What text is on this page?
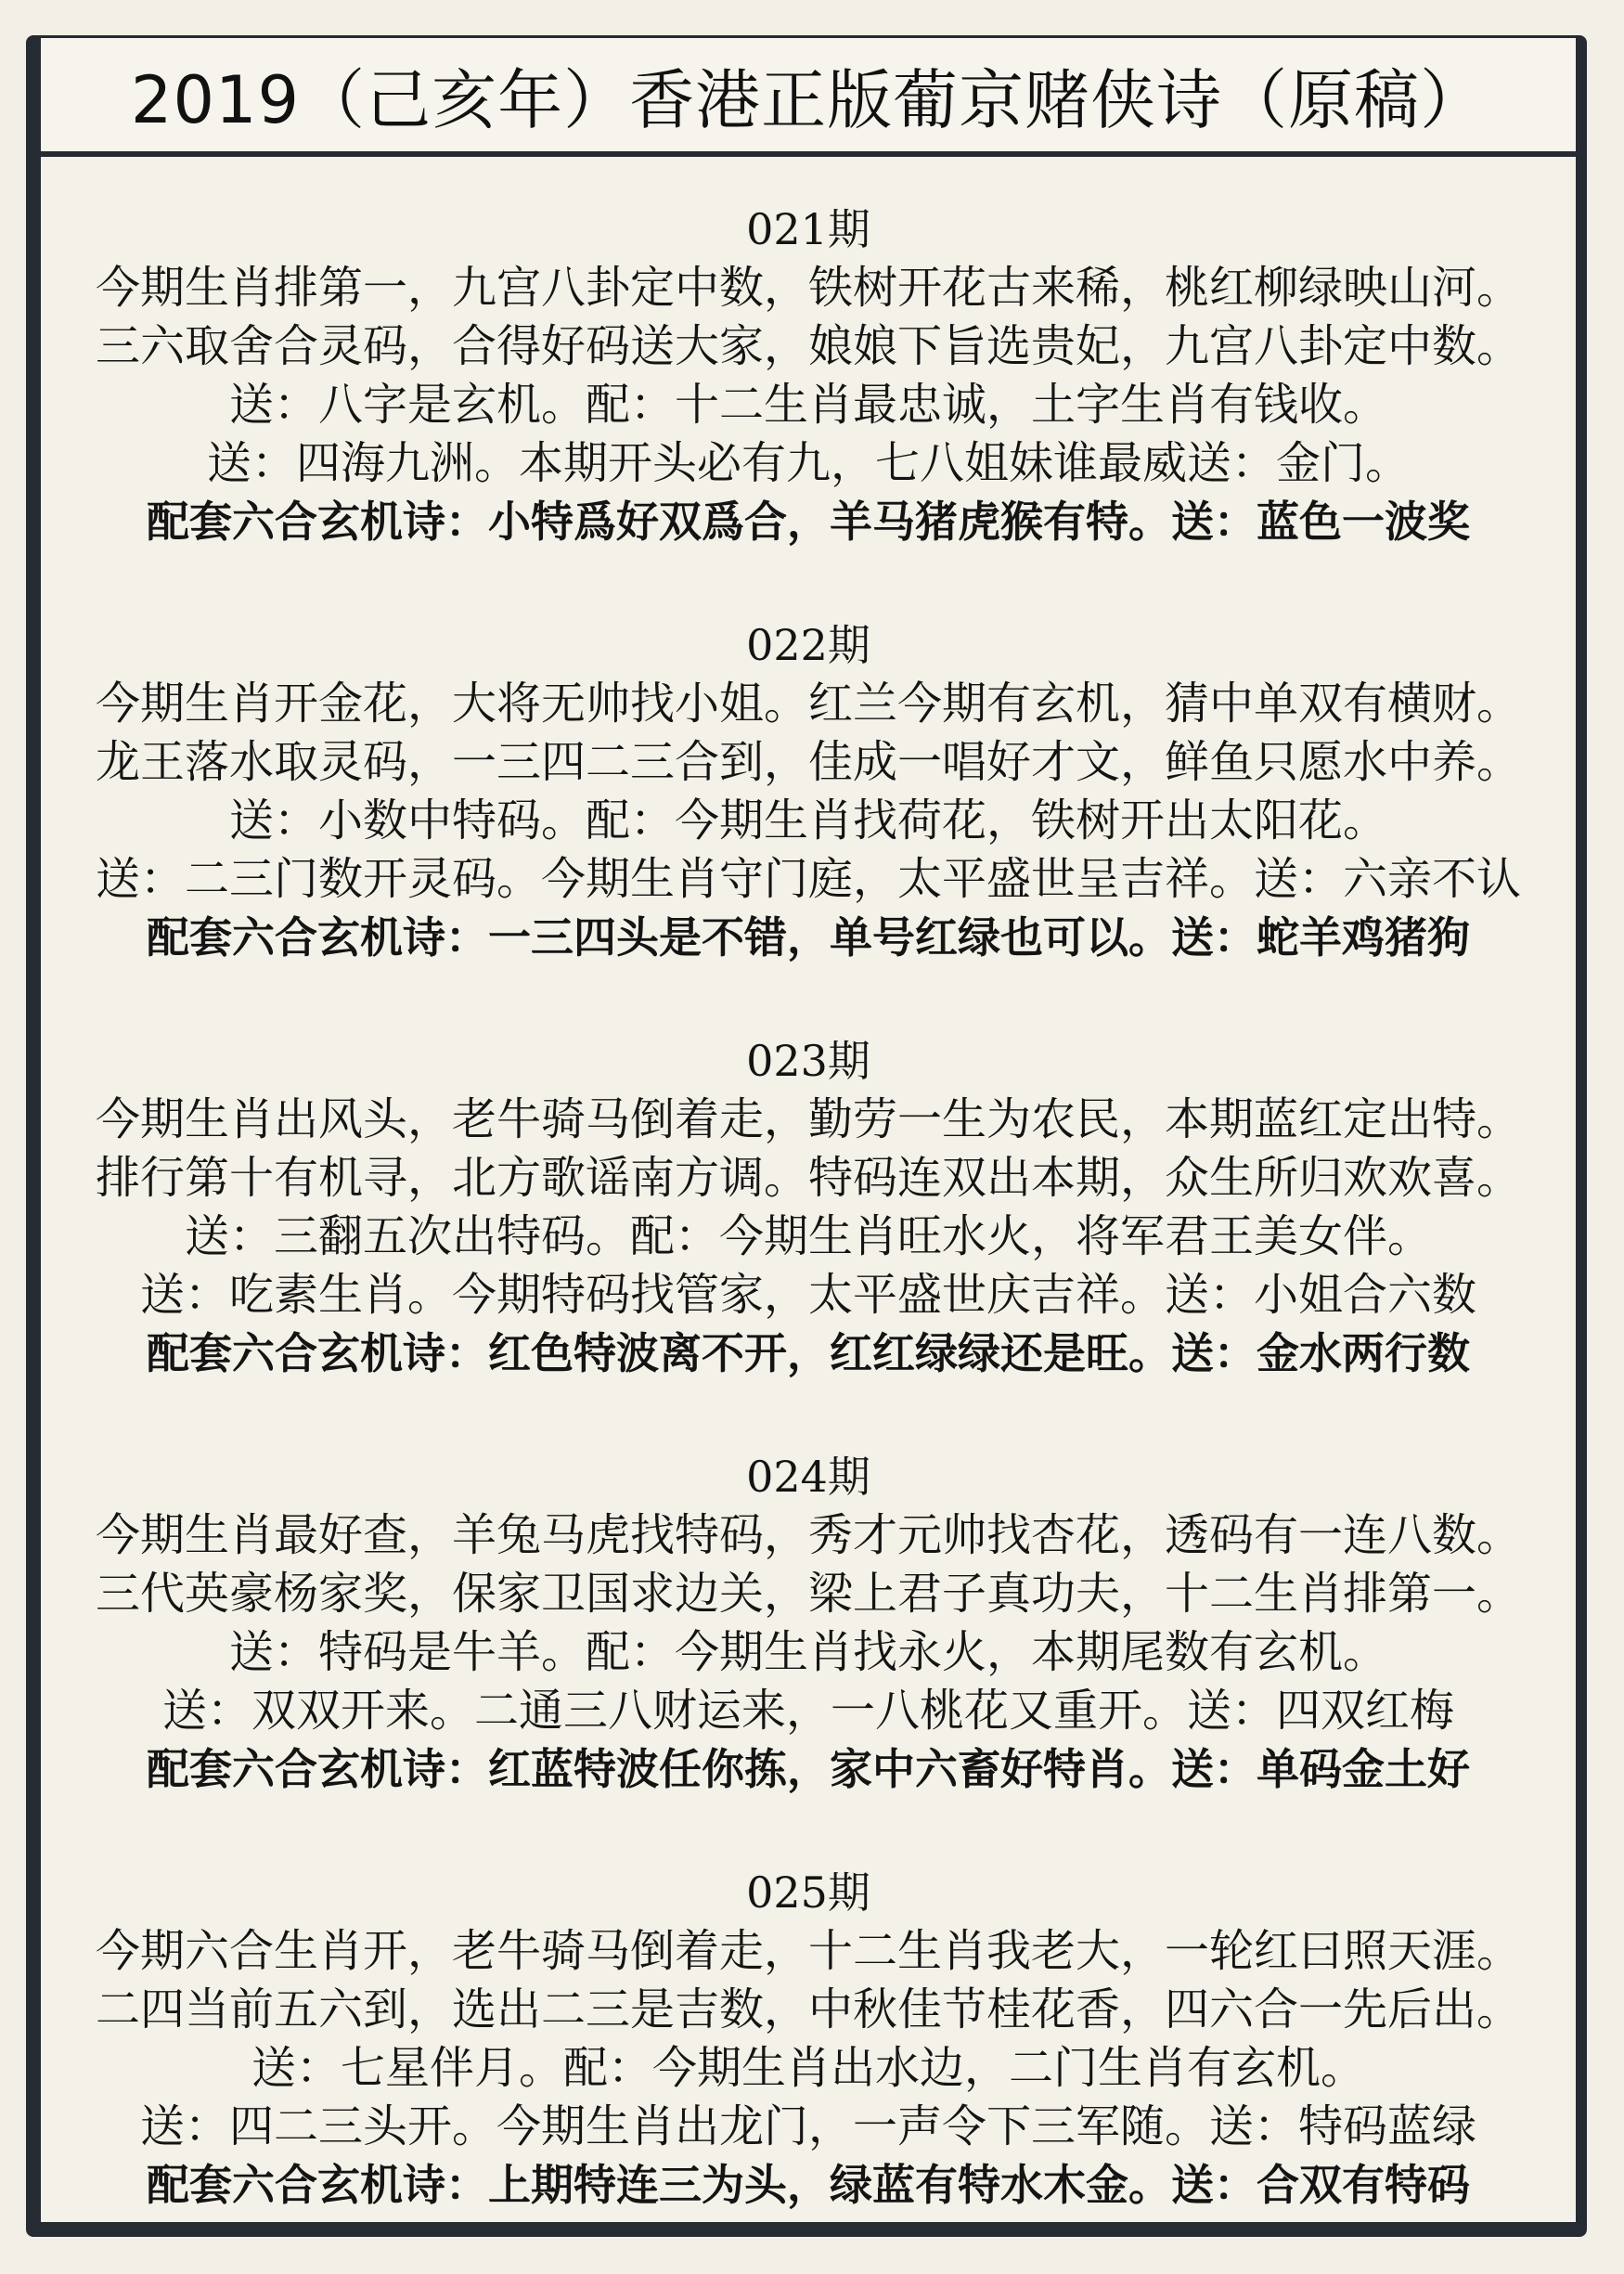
2019（己亥年）香港正版葡京赌侠诗（原稿）
021期
今期生肖排第一，九宫八卦定中数，铁树开花古来稀，桃红柳绿映山河。
三六取舍合灵码，合得好码送大家，娘娘下旨选贵妃，九宫八卦定中数。
送：八字是玄机。配：十二生肖最忠诚，土字生肖有钱收。
送：四海九洲。本期开头必有九，七八姐妹谁最威送：金门。
配套六合玄机诗：小特爲好双爲合，羊马猪虎猴有特。送：蓝色一波奖
022期
今期生肖开金花，大将无帅找小姐。红兰今期有玄机，猜中单双有横财。
龙王落水取灵码，一三四二三合到，佳成一唱好才文，鲜鱼只愿水中养。
送：小数中特码。配：今期生肖找荷花，铁树开出太阳花。
送：二三门数开灵码。今期生肖守门庭，太平盛世呈吉祥。送：六亲不认
配套六合玄机诗：一三四头是不错，单号红绿也可以。送：蛇羊鸡猪狗
023期
今期生肖出风头，老牛骑马倒着走，勤劳一生为农民，本期蓝红定出特。
排行第十有机寻，北方歌谣南方调。特码连双出本期，众生所归欢欢喜。
送：三翻五次出特码。配：今期生肖旺水火，将军君王美女伴。
送：吃素生肖。今期特码找管家，太平盛世庆吉祥。送：小姐合六数
配套六合玄机诗：红色特波离不开，红红绿绿还是旺。送：金水两行数
024期
今期生肖最好查，羊兔马虎找特码，秀才元帅找杏花，透码有一连八数。
三代英豪杨家奖，保家卫国求边关，梁上君子真功夫，十二生肖排第一。
送：特码是牛羊。配：今期生肖找永火，本期尾数有玄机。
送：双双开来。二通三八财运来，一八桃花又重开。送：四双红梅
配套六合玄机诗：红蓝特波任你拣，家中六畜好特肖。送：单码金土好
025期
今期六合生肖开，老牛骑马倒着走，十二生肖我老大，一轮红曰照天涯。
二四当前五六到，选出二三是吉数，中秋佳节桂花香，四六合一先后出。
送：七星伴月。配：今期生肖出水边，二门生肖有玄机。
送：四二三头开。今期生肖出龙门，一声令下三军随。送：特码蓝绿
配套六合玄机诗：上期特连三为头，绿蓝有特水木金。送：合双有特码
